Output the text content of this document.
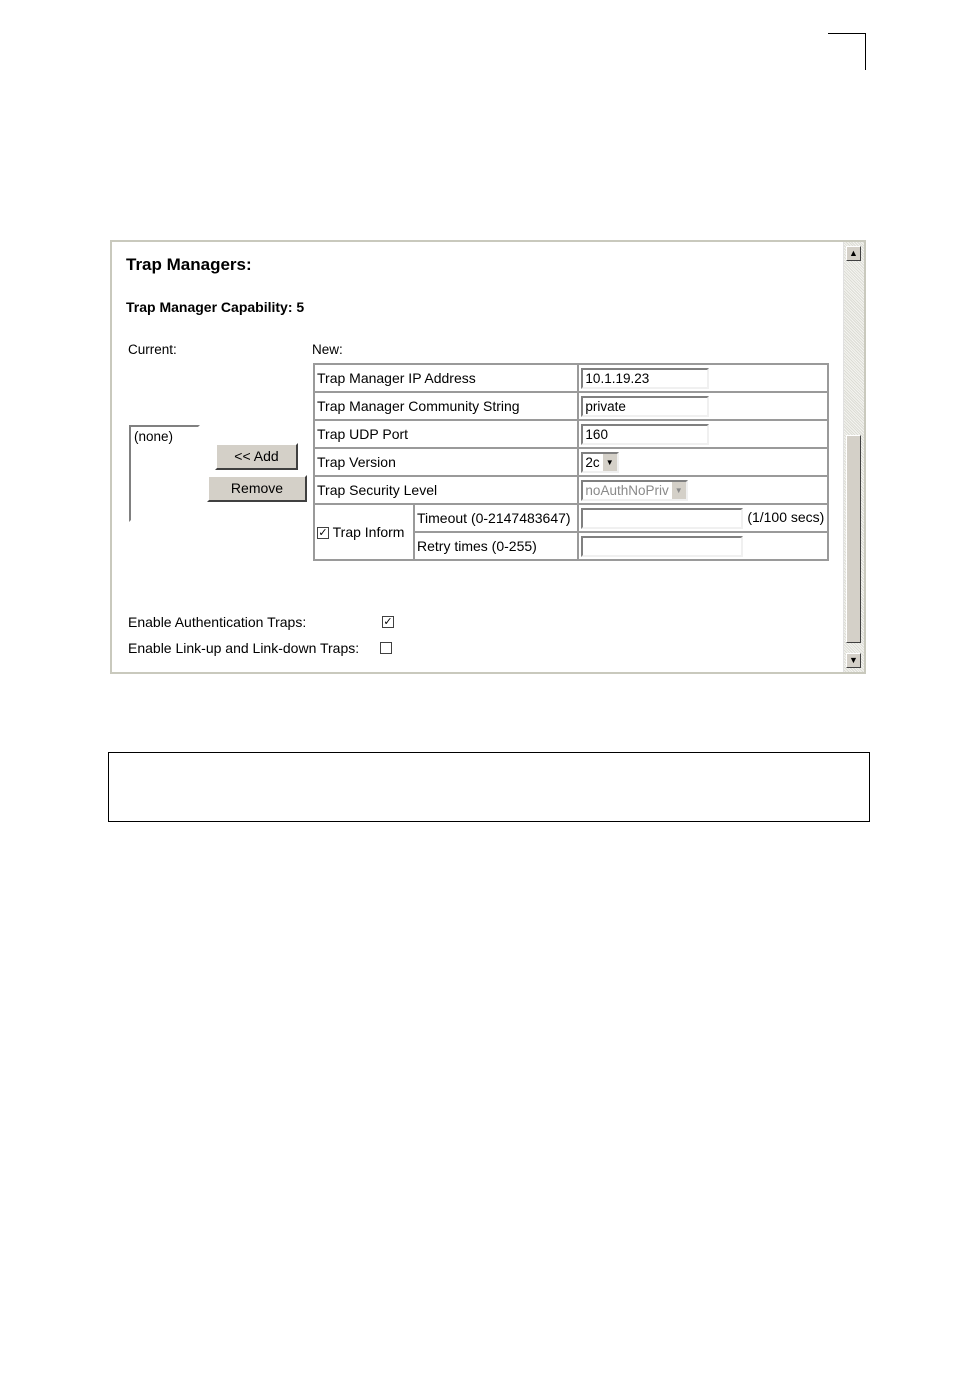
Trap Managers:
Trap Manager Capability: 5
Current:	New:
(none)
<< Add
Remove
Trap Manager IP Address		10.1.19.23
Trap Manager Community String		private
Trap UDP Port		160
Trap Version		2c ▼

Trap Security Level		noAuthNoPriv ▼

✓ Trap Inform	Timeout (0-2147483647)	(1/100 secs)
	Retry times (0-255)	
Enable Authentication Traps:	✓
Enable Link-up and Link-down Traps:
▲
▼
